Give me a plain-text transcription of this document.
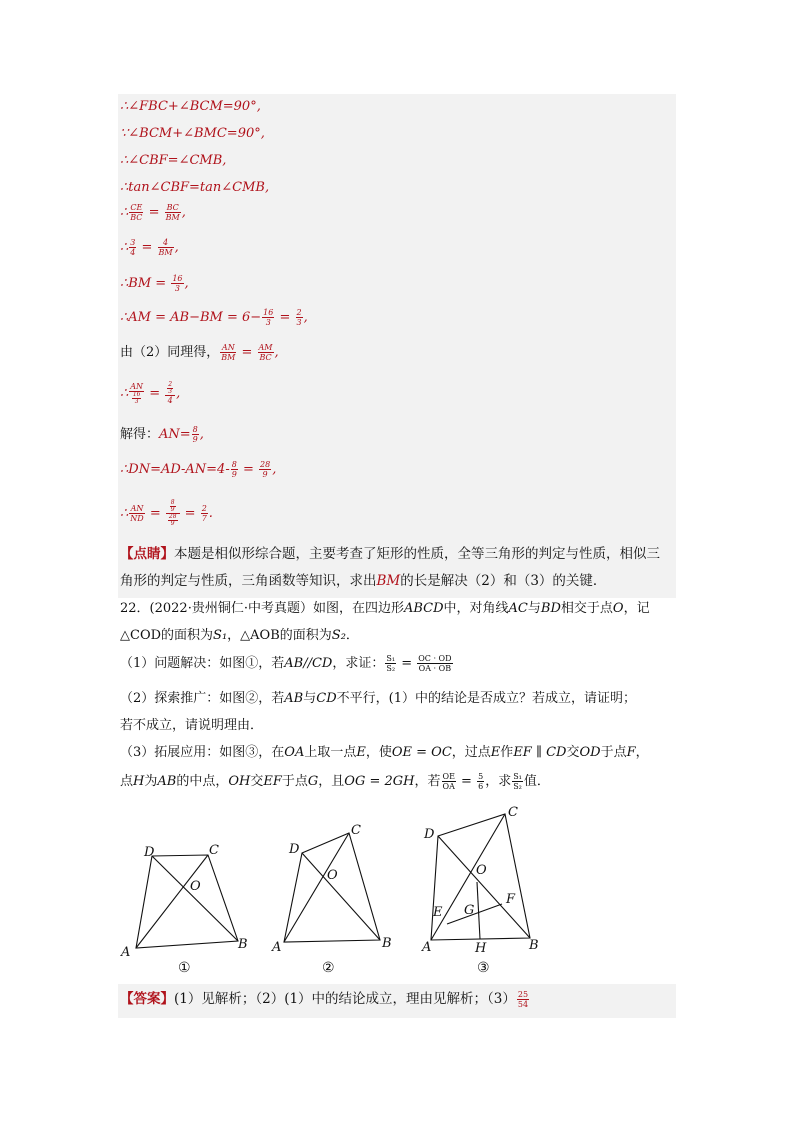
∴∠FBC+∠BCM=90°,
∵∠BCM+∠BMC=90°,
∴∠CBF=∠CMB,
∴tan∠CBF=tan∠CMB,
∴ $\frac{CE}{BC} = \frac{BC}{BM}$ ,
∴ $\frac{3}{4} = \frac{4}{BM}$ ,
∴BM = $\frac{16}{3}$ ,
∴AM = $AB-BM = 6- \frac{16}{3} = \frac{2}{3}$ ,
由（2）同理得， $\frac{AN}{BM} = \frac{AM}{BC}$ ,
∴ $\frac{AN}{\frac{16}{3}} = \frac{\frac{2}{3}}{4}$ ,
解得：$AN= \frac{8}{9}$ ,
∴DN=AD-AN=4- $\frac{8}{9} = \frac{28}{9}$ ,
∴ $\frac{AN}{ND} = \frac{\frac{8}{9}}{\frac{28}{9}} = \frac{2}{7}$ .
【点睛】本题是相似形综合题，主要考查了矩形的性质，全等三角形的判定与性质，相似三
角形的判定与性质，三角函数等知识，求出BM的长是解决（2）和（3）的关键．
22．(2022·贵州铜仁·中考真题）如图，在四边形ABCD中，对角线AC与BD相交于点O，记
△COD的面积为S₁，△AOB的面积为S₂．
（1）问题解决：如图①，若AB//CD，求证： $\frac{\text{S₁}}{\text{S₂}} = \frac{OC \cdot OD}{OA \cdot OB}$
（2）探索推广：如图②，若AB与CD不平行，(1）中的结论是否成立？若成立，请证明；
若不成立，请说明理由．
（3）拓展应用：如图③，在OA上取一点E，使OE = OC，过点E作EF ∥ CD交OD于点F，
点H为AB的中点，OH交EF于点G，且OG = 2GH，若 $\frac{OE}{OA} = \frac{5}{6}$ ，求 $\frac{\text{S₁}}{\text{S₂}}$ 值．
D	C
O
A
B
①
D
C
O
A	B
②
D
C
O
E G
F
A	H	B
③
【答案】(1）见解析；（2）(1）中的结论成立，理由见解析；$(3) \frac{25}{54}$
